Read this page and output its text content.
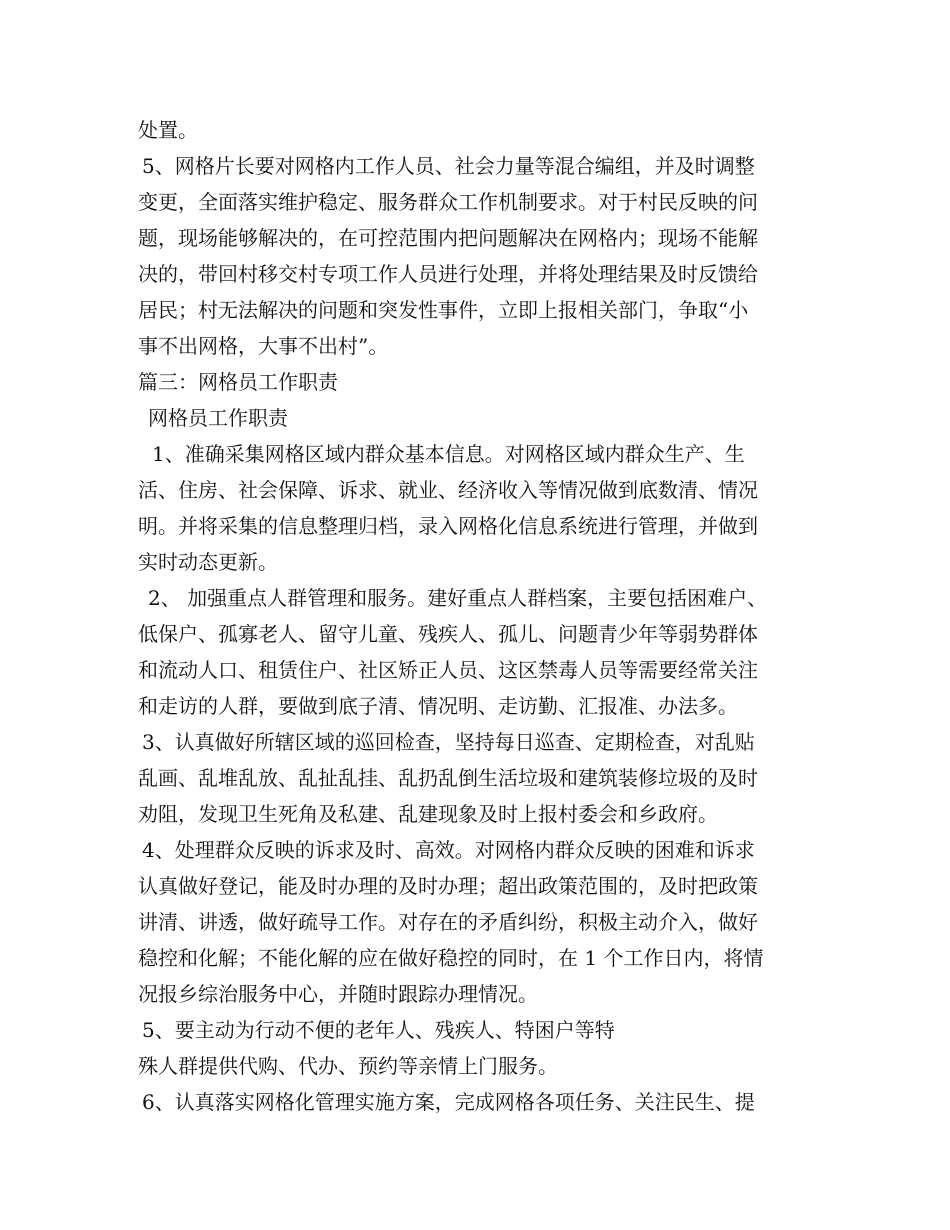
处置。
5、网格片长要对网格内工作人员、社会力量等混合编组，并及时调整
变更，全面落实维护稳定、服务群众工作机制要求。对于村民反映的问
题，现场能够解决的，在可控范围内把问题解决在网格内；现场不能解
决的，带回村移交村专项工作人员进行处理，并将处理结果及时反馈给
居民；村无法解决的问题和突发性事件，立即上报相关部门，争取“小
事不出网格，大事不出村”。
篇三：网格员工作职责
网格员工作职责
1、准确采集网格区域内群众基本信息。对网格区域内群众生产、生
活、住房、社会保障、诉求、就业、经济收入等情况做到底数清、情况
明。并将采集的信息整理归档，录入网格化信息系统进行管理，并做到
实时动态更新。
2、 加强重点人群管理和服务。建好重点人群档案，主要包括困难户、
低保户、孤寡老人、留守儿童、残疾人、孤儿、问题青少年等弱势群体
和流动人口、租赁住户、社区矫正人员、这区禁毒人员等需要经常关注
和走访的人群，要做到底子清、情况明、走访勤、汇报准、办法多。
3、认真做好所辖区域的巡回检查，坚持每日巡查、定期检查，对乱贴
乱画、乱堆乱放、乱扯乱挂、乱扔乱倒生活垃圾和建筑装修垃圾的及时
劝阻，发现卫生死角及私建、乱建现象及时上报村委会和乡政府。
4、处理群众反映的诉求及时、高效。对网格内群众反映的困难和诉求
认真做好登记，能及时办理的及时办理；超出政策范围的，及时把政策
讲清、讲透，做好疏导工作。对存在的矛盾纠纷，积极主动介入，做好
稳控和化解；不能化解的应在做好稳控的同时，在 1 个工作日内，将情
况报乡综治服务中心，并随时跟踪办理情况。
5、要主动为行动不便的老年人、残疾人、特困户等特
殊人群提供代购、代办、预约等亲情上门服务。
6、认真落实网格化管理实施方案，完成网格各项任务、关注民生、提
